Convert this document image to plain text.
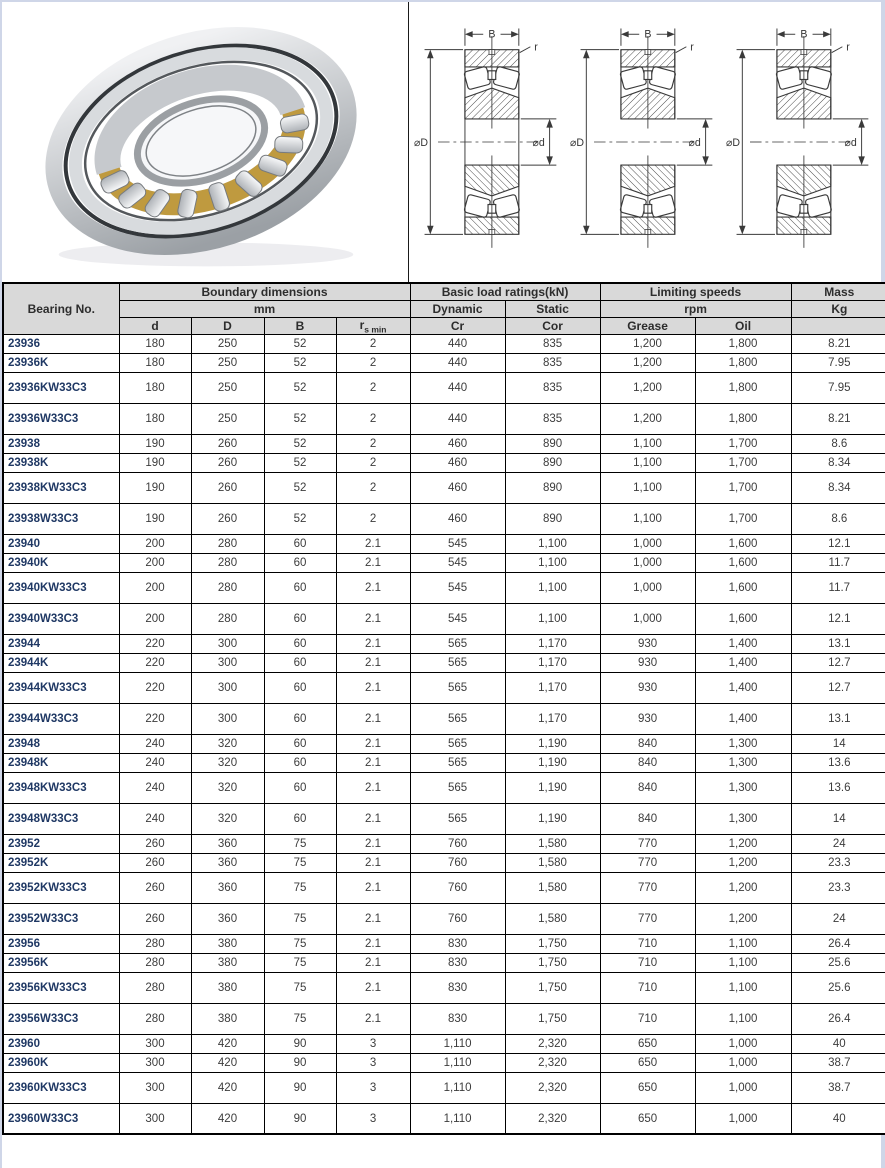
B
r
⌀D	⌀d
B
r
⌀D	⌀d
B
r
⌀D	⌀d
Bearing No.	Boundary dimensions				Basic load ratings(kN)		Limiting speeds		Mass
	mm				Dynamic	Static	rpm		Kg
	d	D	B	$r_{s min}$	Cr	Cor	Grease	Oil	
23936	180	250	52	2	440	835	1,200	1,800	8.21
23936K	180	250	52	2	440	835	1,200	1,800	7.95
23936KW33C3	180	250	52	2	440	835	1,200	1,800	7.95
23936W33C3	180	250	52	2	440	835	1,200	1,800	8.21
23938	190	260	52	2	460	890	1,100	1,700	8.6
23938K	190	260	52	2	460	890	1,100	1,700	8.34
23938KW33C3	190	260	52	2	460	890	1,100	1,700	8.34
23938W33C3	190	260	52	2	460	890	1,100	1,700	8.6
23940	200	280	60	2.1	545	1,100	1,000	1,600	12.1
23940K	200	280	60	2.1	545	1,100	1,000	1,600	11.7
23940KW33C3	200	280	60	2.1	545	1,100	1,000	1,600	11.7
23940W33C3	200	280	60	2.1	545	1,100	1,000	1,600	12.1
23944	220	300	60	2.1	565	1,170	930	1,400	13.1
23944K	220	300	60	2.1	565	1,170	930	1,400	12.7
23944KW33C3	220	300	60	2.1	565	1,170	930	1,400	12.7
23944W33C3	220	300	60	2.1	565	1,170	930	1,400	13.1
23948	240	320	60	2.1	565	1,190	840	1,300	14
23948K	240	320	60	2.1	565	1,190	840	1,300	13.6
23948KW33C3	240	320	60	2.1	565	1,190	840	1,300	13.6
23948W33C3	240	320	60	2.1	565	1,190	840	1,300	14
23952	260	360	75	2.1	760	1,580	770	1,200	24
23952K	260	360	75	2.1	760	1,580	770	1,200	23.3
23952KW33C3	260	360	75	2.1	760	1,580	770	1,200	23.3
23952W33C3	260	360	75	2.1	760	1,580	770	1,200	24
23956	280	380	75	2.1	830	1,750	710	1,100	26.4
23956K	280	380	75	2.1	830	1,750	710	1,100	25.6
23956KW33C3	280	380	75	2.1	830	1,750	710	1,100	25.6
23956W33C3	280	380	75	2.1	830	1,750	710	1,100	26.4
23960	300	420	90	3	1,110	2,320	650	1,000	40
23960K	300	420	90	3	1,110	2,320	650	1,000	38.7
23960KW33C3	300	420	90	3	1,110	2,320	650	1,000	38.7
23960W33C3	300	420	90	3	1,110	2,320	650	1,000	40
